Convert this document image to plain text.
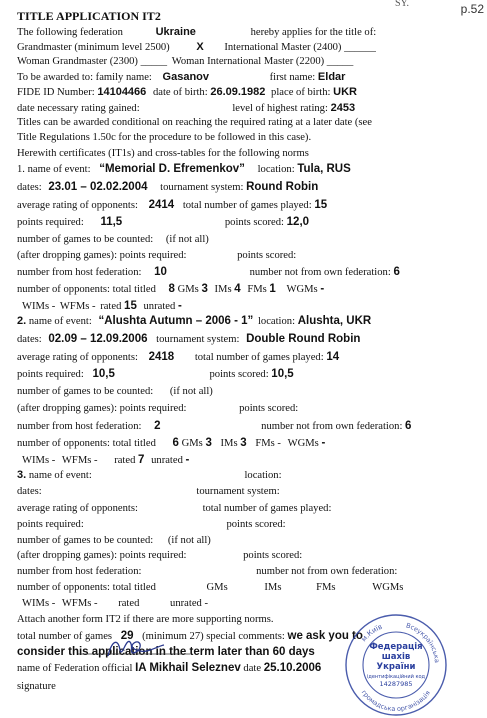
p.52
SY.
TITLE APPLICATION IT2
The following federation	Ukraine	hereby applies for the title of:
Grandmaster (minimum level 2500) X International Master (2400) ______
Woman Grandmaster (2300) _____ Woman International Master (2200) _____
To be awarded to: family name: Gasanov	first name: Eldar
FIDE ID Number: 14104466 date of birth: 26.09.1982 place of birth: UKR
date necessary rating gained:	level of highest rating: 2453
Titles can be awarded conditional on reaching the required rating at a later date (see
Title Regulations 1.50c for the procedure to be followed in this case).
Herewith certificates (IT1s) and cross-tables for the following norms
1. name of event: “Memorial D. Efremenkov” location: Tula, RUS
dates: 23.01 – 02.02.2004 tournament system: Round Robin
average rating of opponents: 2414 total number of games played: 15
points required: 11,5	points scored: 12,0
number of games to be counted: (if not all)
(after dropping games): points required:	points scored:
number from host federation: 10	number not from own federation: 6
number of opponents: total titled 8 GMs 3 IMs 4 FMs 1 WGMs -
WIMs - WFMs - rated 15 unrated -
2. name of event: “Alushta Autumn – 2006 - 1” location: Alushta, UKR
dates: 02.09 – 12.09.2006 tournament system: Double Round Robin
average rating of opponents: 2418 total number of games played: 14
points required: 10,5	points scored: 10,5
number of games to be counted: (if not all)
(after dropping games): points required:	points scored:
number from host federation: 2	number not from own federation: 6
number of opponents: total titled 6 GMs 3 IMs 3 FMs - WGMs -
WIMs - WFMs - rated 7 unrated -
3. name of event:	location:
dates:	tournament system:
average rating of opponents:	total number of games played:
points required:	points scored:
number of games to be counted: (if not all)
(after dropping games): points required:	points scored:
number from host federation:	number not from own federation:
number of opponents: total titled	GMs	IMs	FMs	WGMs
WIMs - WFMs - rated	unrated -
Attach another form IT2 if there are more supporting norms.
total number of games 29 (minimum 27) special comments: we ask you to
consider this application in the term later than 60 days
name of Federation official IA Mikhail Seleznev date 25.10.2006
signature
м.Київ	Всеукраїнська
громадська організація
Федерація
шахів
України
ідентифікаційний код
14287985
